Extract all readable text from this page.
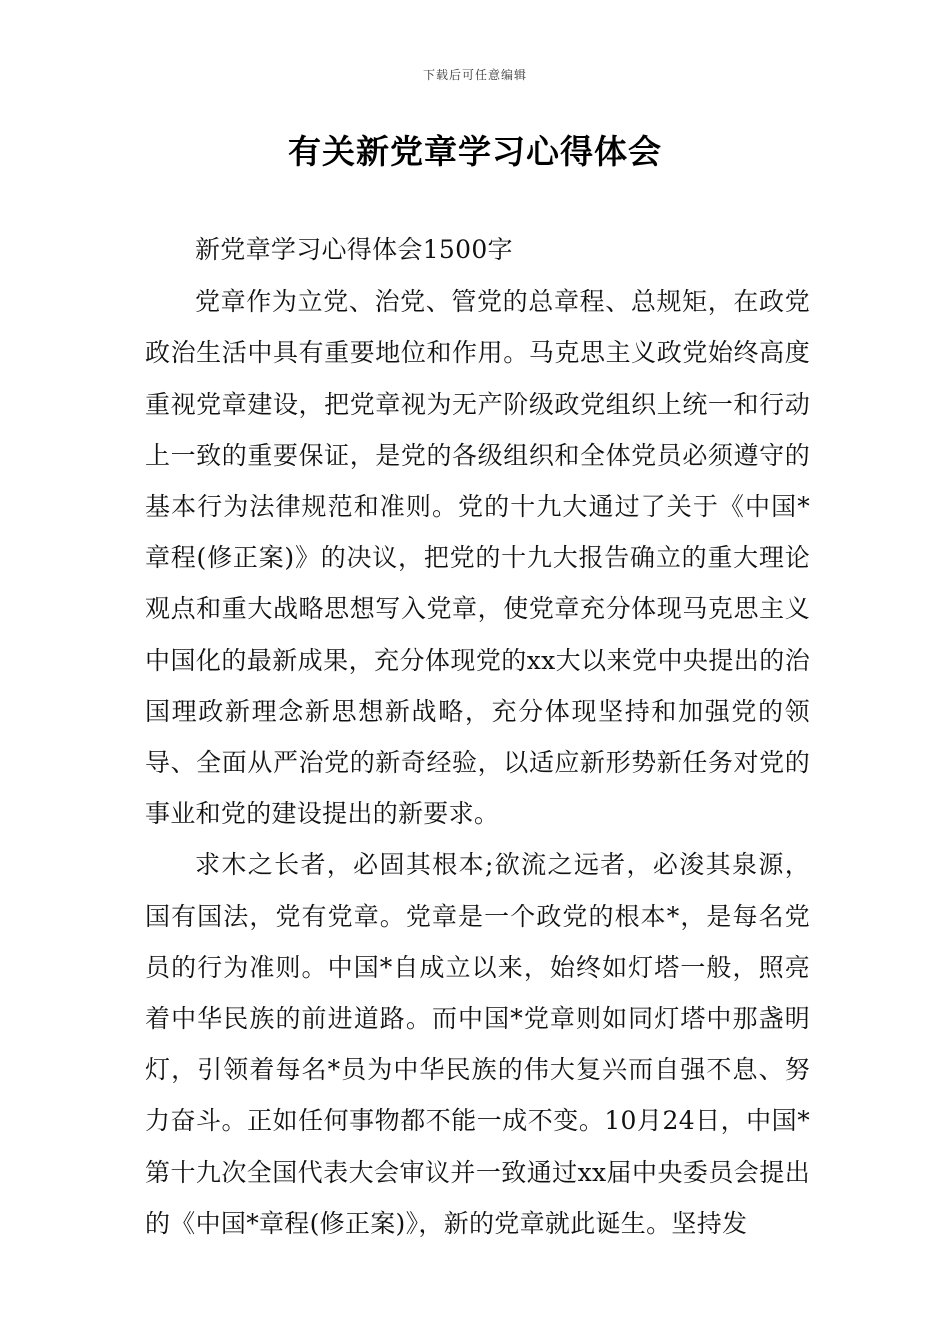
下载后可任意编辑
有关新党章学习心得体会

新党章学习心得体会1500字

党章作为立党、治党、管党的总章程、总规矩，在政党政治生活中具有重要地位和作用。马克思主义政党始终高度重视党章建设，把党章视为无产阶级政党组织上统一和行动上一致的重要保证，是党的各级组织和全体党员必须遵守的基本行为法律规范和准则。党的十九大通过了关于《中国*章程(修正案)》的决议，把党的十九大报告确立的重大理论观点和重大战略思想写入党章，使党章充分体现马克思主义中国化的最新成果，充分体现党的xx大以来党中央提出的治国理政新理念新思想新战略，充分体现坚持和加强党的领导、全面从严治党的新奇经验，以适应新形势新任务对党的事业和党的建设提出的新要求。

求木之长者，必固其根本;欲流之远者，必浚其泉源，国有国法，党有党章。党章是一个政党的根本*，是每名党员的行为准则。中国*自成立以来，始终如灯塔一般，照亮着中华民族的前进道路。而中国*党章则如同灯塔中那盏明灯，引领着每名*员为中华民族的伟大复兴而自强不息、努力奋斗。正如任何事物都不能一成不变。10月24日，中国*第十九次全国代表大会审议并一致通过xx届中央委员会提出的《中国*章程(修正案)》，新的党章就此诞生。坚持发
